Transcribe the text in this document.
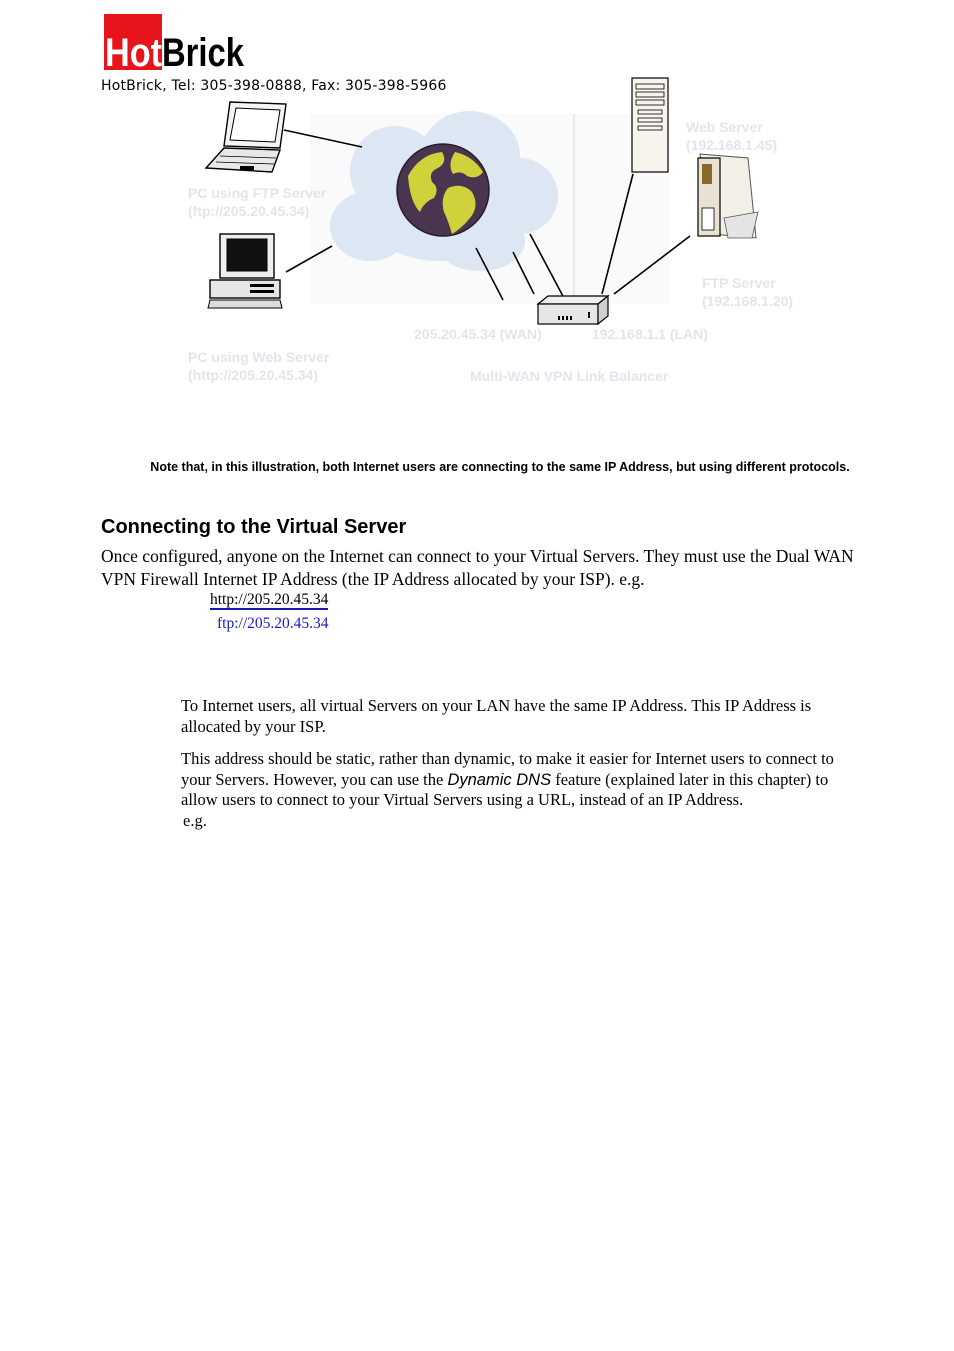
Hot Brick
HotBrick, Tel: 305-398-0888, Fax: 305-398-5966
PC using FTP Server
(ftp://205.20.45.34)
PC using Web Server
(http://205.20.45.34)
Web Server
(192.168.1.45)
FTP Server
(192.168.1.20)
205.20.45.34 (WAN)	192.168.1.1 (LAN)
Multi-WAN VPN Link Balancer
Note that, in this illustration, both Internet users are connecting to the same IP Address, but using different protocols.
Connecting to the Virtual Server
Once configured, anyone on the Internet can connect to your Virtual Servers. They must use the Dual WAN VPN Firewall Internet IP Address (the IP Address allocated by your ISP). e.g.
http://205.20.45.34
ftp://205.20.45.34
To Internet users, all virtual Servers on your LAN have the same IP Address. This IP Address is allocated by your ISP.
This address should be static, rather than dynamic, to make it easier for Internet users to connect to your Servers. However, you can use the Dynamic DNS feature (explained later in this chapter) to allow users to connect to your Virtual Servers using a URL, instead of an IP Address.
e.g.
